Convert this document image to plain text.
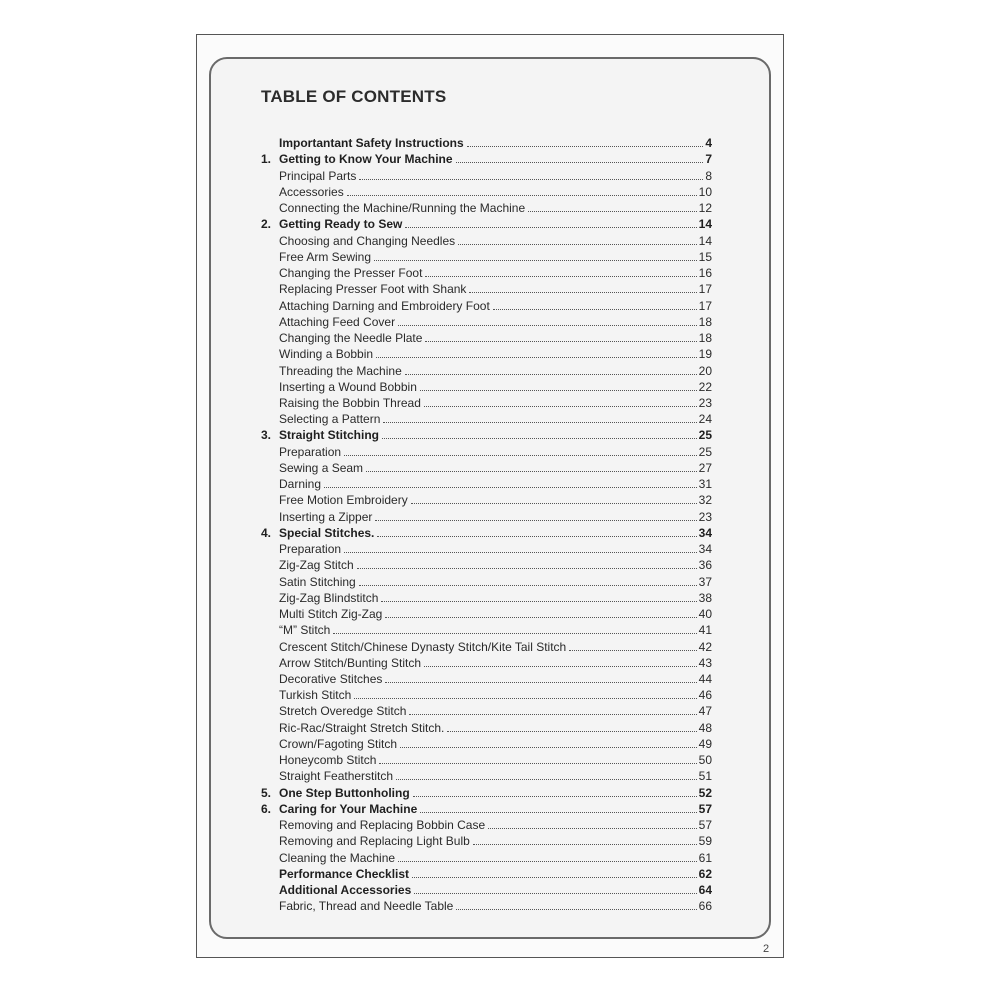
TABLE OF CONTENTS
Importantant Safety Instructions	4
1. Getting to Know Your Machine	7
Principal Parts	8
Accessories	10
Connecting the Machine/Running the Machine	12
2. Getting Ready to Sew	14
Choosing and Changing Needles	14
Free Arm Sewing	15
Changing the Presser Foot	16
Replacing Presser Foot with Shank	17
Attaching Darning and Embroidery Foot	17
Attaching Feed Cover	18
Changing the Needle Plate	18
Winding a Bobbin	19
Threading the Machine	20
Inserting a Wound Bobbin	22
Raising the Bobbin Thread	23
Selecting a Pattern	24
3. Straight Stitching	25
Preparation	25
Sewing a Seam	27
Darning	31
Free Motion Embroidery	32
Inserting a Zipper	23
4. Special Stitches.	34
Preparation	34
Zig-Zag Stitch	36
Satin Stitching	37
Zig-Zag Blindstitch	38
Multi Stitch Zig-Zag	40
“M” Stitch	41
Crescent Stitch/Chinese Dynasty Stitch/Kite Tail Stitch	42
Arrow Stitch/Bunting Stitch	43
Decorative Stitches	44
Turkish Stitch	46
Stretch Overedge Stitch	47
Ric-Rac/Straight Stretch Stitch.	48
Crown/Fagoting Stitch	49
Honeycomb Stitch	50
Straight Featherstitch	51
5. One Step Buttonholing	52
6. Caring for Your Machine	57
Removing and Replacing Bobbin Case	57
Removing and Replacing Light Bulb	59
Cleaning the Machine	61
Performance Checklist	62
Additional Accessories	64
Fabric, Thread and Needle Table	66
2
